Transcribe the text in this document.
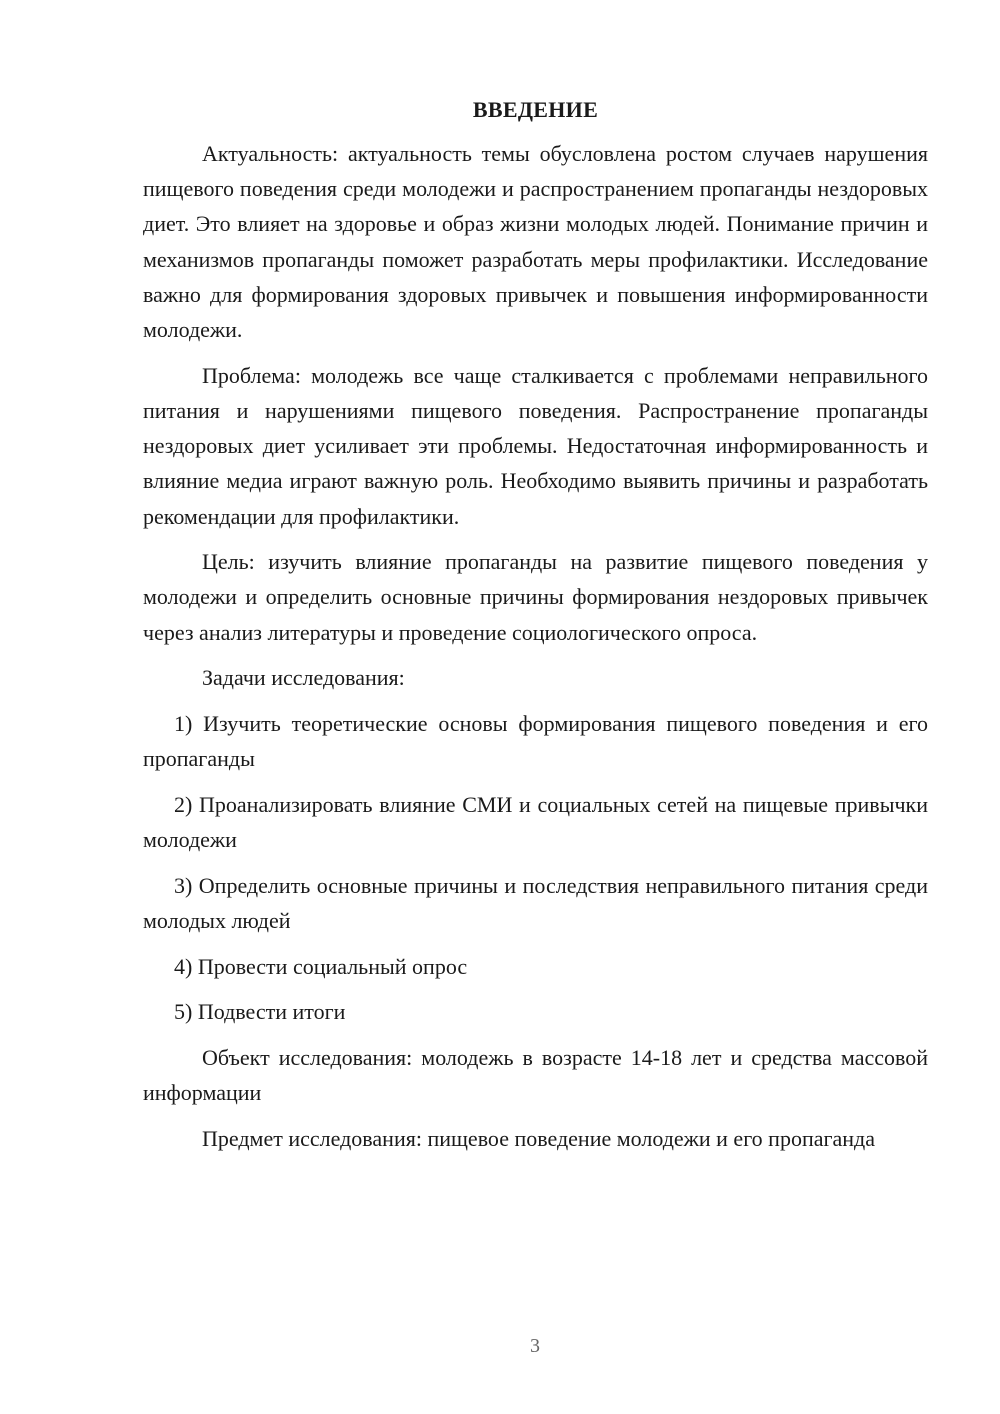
ВВЕДЕНИЕ

Актуальность: актуальность темы обусловлена ростом случаев нарушения пищевого поведения среди молодежи и распространением пропаганды нездоровых диет. Это влияет на здоровье и образ жизни молодых людей. Понимание причин и механизмов пропаганды поможет разработать меры профилактики. Исследование важно для формирования здоровых привычек и повышения информированности молодежи.

Проблема: молодежь все чаще сталкивается с проблемами неправильного питания и нарушениями пищевого поведения. Распространение пропаганды нездоровых диет усиливает эти проблемы. Недостаточная информированность и влияние медиа играют важную роль. Необходимо выявить причины и разработать рекомендации для профилактики.

Цель: изучить влияние пропаганды на развитие пищевого поведения у молодежи и определить основные причины формирования нездоровых привычек через анализ литературы и проведение социологического опроса.

Задачи исследования:

1) Изучить теоретические основы формирования пищевого поведения и его пропаганды

2) Проанализировать влияние СМИ и социальных сетей на пищевые привычки молодежи

3) Определить основные причины и последствия неправильного питания среди молодых людей

4) Провести социальный опрос

5) Подвести итоги

Объект исследования: молодежь в возрасте 14-18 лет и средства массовой информации

Предмет исследования: пищевое поведение молодежи и его пропаганда

3
